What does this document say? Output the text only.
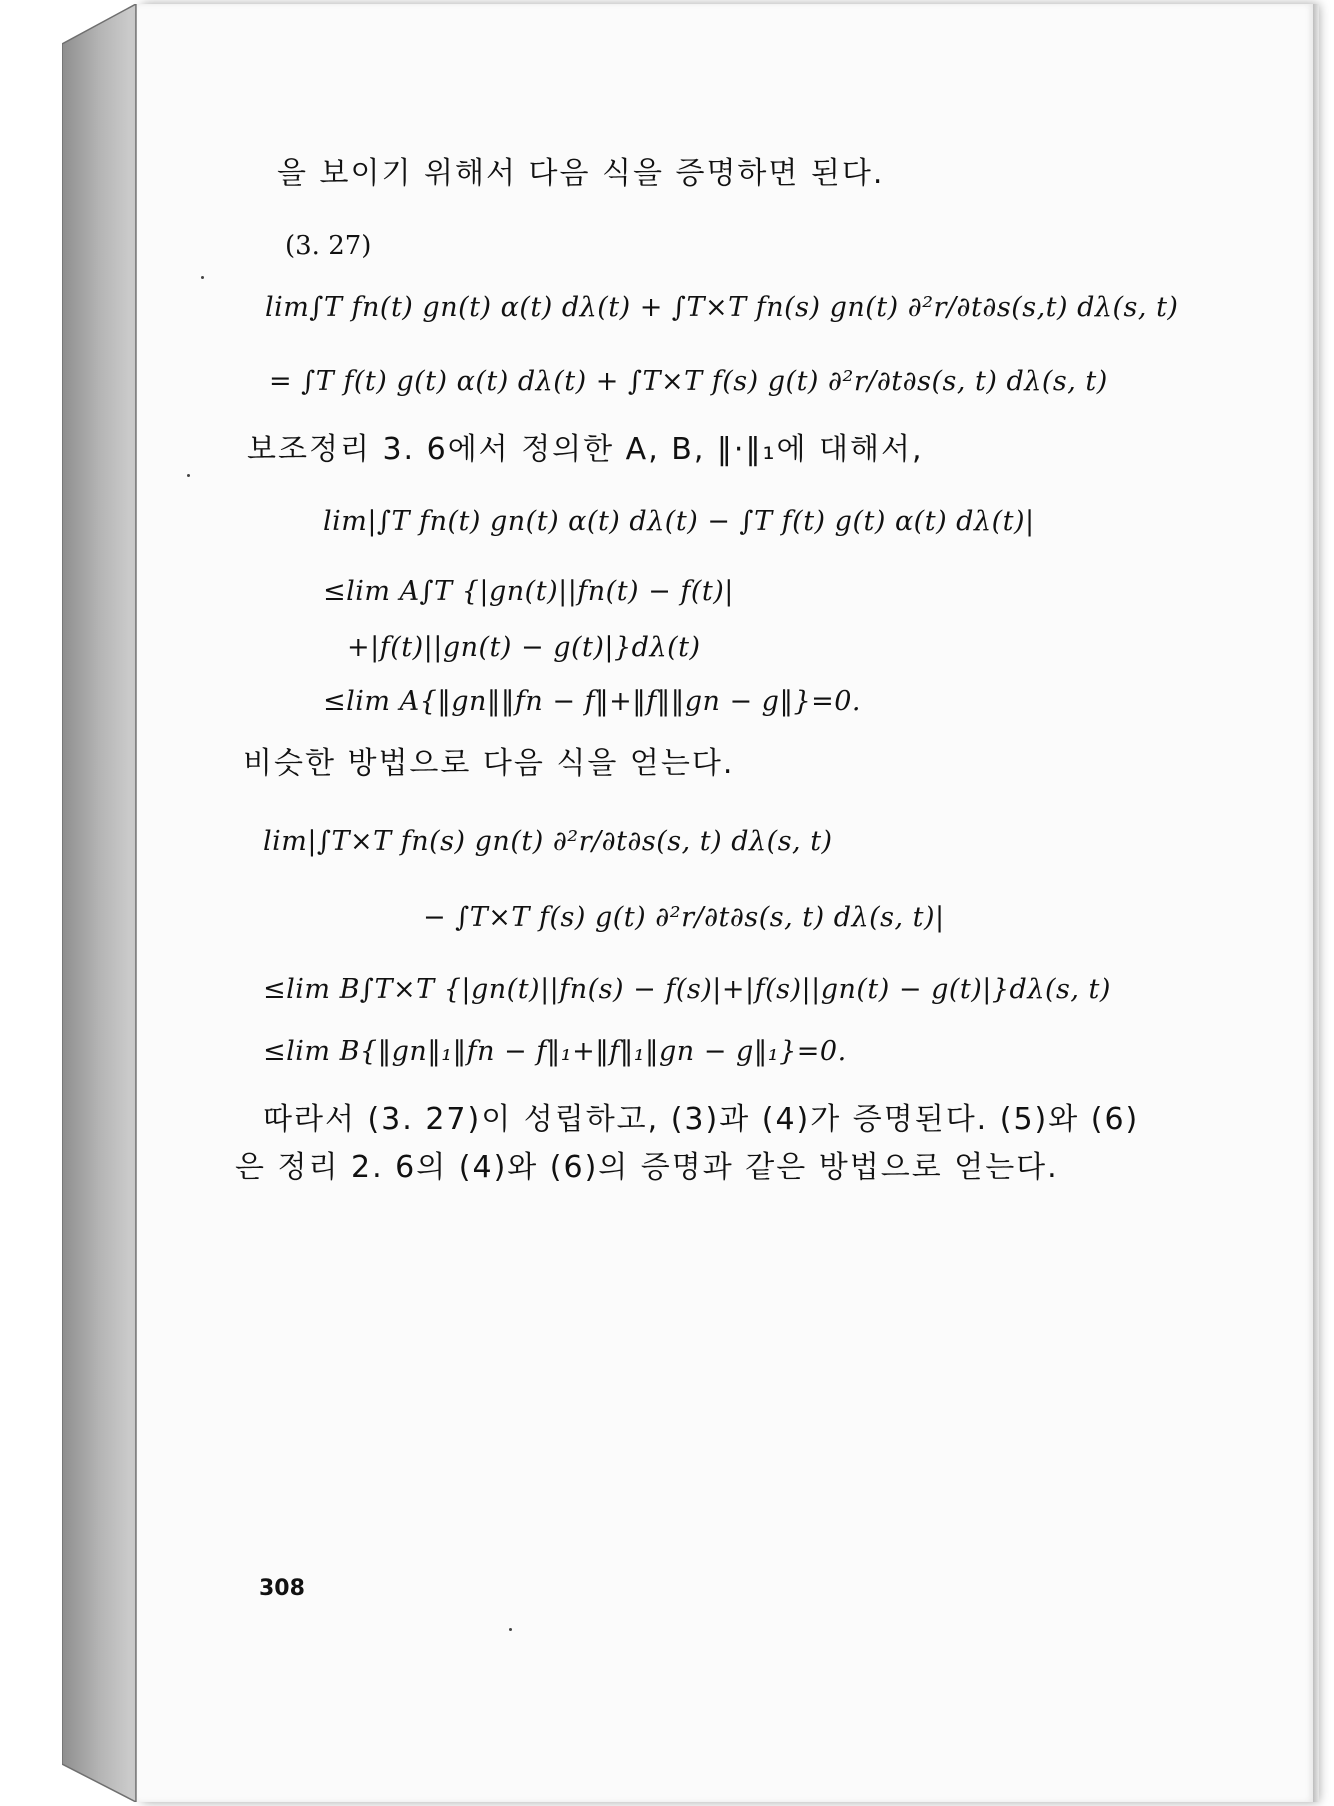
을 보이기 위해서 다음 식을 증명하면 된다.
(3. 27)
lim∫T fn(t) gn(t) α(t) dλ(t) + ∫T×T fn(s) gn(t) ∂²r/∂t∂s(s,t) dλ(s, t)
= ∫T f(t) g(t) α(t) dλ(t) + ∫T×T f(s) g(t) ∂²r/∂t∂s(s, t) dλ(s, t)
보조정리 3. 6에서 정의한 A, B, ‖·‖₁에 대해서,
lim|∫T fn(t) gn(t) α(t) dλ(t) − ∫T f(t) g(t) α(t) dλ(t)|
≤lim A∫T {|gn(t)||fn(t) − f(t)|
+|f(t)||gn(t) − g(t)|}dλ(t)
≤lim A{‖gn‖‖fn − f‖+‖f‖‖gn − g‖}=0.
비슷한 방법으로 다음 식을 얻는다.
lim|∫T×T fn(s) gn(t) ∂²r/∂t∂s(s, t) dλ(s, t)
− ∫T×T f(s) g(t) ∂²r/∂t∂s(s, t) dλ(s, t)|
≤lim B∫T×T {|gn(t)||fn(s) − f(s)|+|f(s)||gn(t) − g(t)|}dλ(s, t)
≤lim B{‖gn‖₁‖fn − f‖₁+‖f‖₁‖gn − g‖₁}=0.
따라서 (3. 27)이 성립하고, (3)과 (4)가 증명된다. (5)와 (6)
은 정리 2. 6의 (4)와 (6)의 증명과 같은 방법으로 얻는다.
308
